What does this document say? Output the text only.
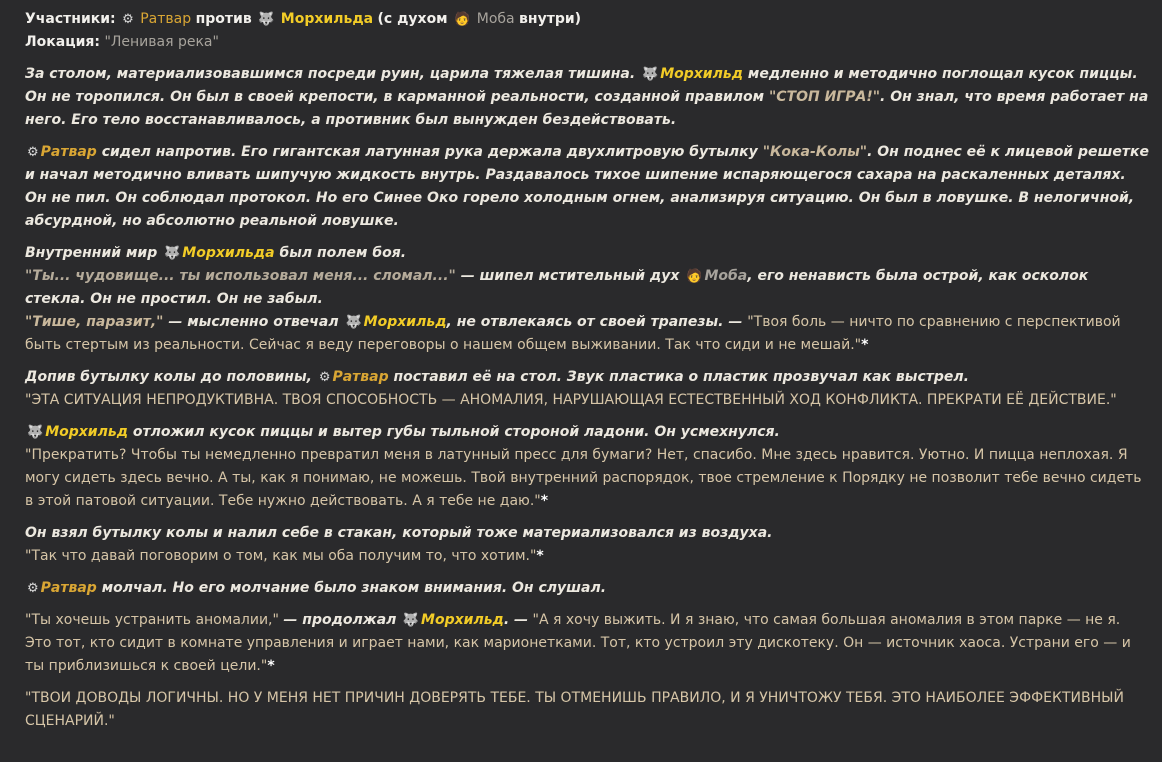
Участники: ⚙ Ратвар против 🐺 Морхильда (с духом 🧑 Моба внутри)

Локация: "Ленивая река"

За столом, материализовавшимся посреди руин, царила тяжелая тишина. 🐺 Морхильд медленно и методично поглощал кусок пиццы. Он не торопился. Он был в своей крепости, в карманной реальности, созданной правилом "СТОП ИГРА!". Он знал, что время работает на него. Его тело восстанавливалось, а противник был вынужден бездействовать.

⚙ Ратвар сидел напротив. Его гигантская латунная рука держала двухлитровую бутылку "Кока-Колы". Он поднес её к лицевой решетке и начал методично вливать шипучую жидкость внутрь. Раздавалось тихое шипение испаряющегося сахара на раскаленных деталях. Он не пил. Он соблюдал протокол. Но его Синее Око горело холодным огнем, анализируя ситуацию. Он был в ловушке. В нелогичной, абсурдной, но абсолютно реальной ловушке.

Внутренний мир 🐺 Морхильда был полем боя.

"Ты... чудовище... ты использовал меня... сломал..." — шипел мстительный дух 🧑 Моба, его ненависть была острой, как осколок стекла. Он не простил. Он не забыл.

"Тише, паразит," — мысленно отвечал 🐺 Морхильд, не отвлекаясь от своей трапезы. — "Твоя боль — ничто по сравнению с перспективой быть стертым из реальности. Сейчас я веду переговоры о нашем общем выживании. Так что сиди и не мешай."*

Допив бутылку колы до половины, ⚙ Ратвар поставил её на стол. Звук пластика о пластик прозвучал как выстрел.

"ЭТА СИТУАЦИЯ НЕПРОДУКТИВНА. ТВОЯ СПОСОБНОСТЬ — АНОМАЛИЯ, НАРУШАЮЩАЯ ЕСТЕСТВЕННЫЙ ХОД КОНФЛИКТА. ПРЕКРАТИ ЕЁ ДЕЙСТВИЕ."

🐺 Морхильд отложил кусок пиццы и вытер губы тыльной стороной ладони. Он усмехнулся.

"Прекратить? Чтобы ты немедленно превратил меня в латунный пресс для бумаги? Нет, спасибо. Мне здесь нравится. Уютно. И пицца неплохая. Я могу сидеть здесь вечно. А ты, как я понимаю, не можешь. Твой внутренний распорядок, твое стремление к Порядку не позволит тебе вечно сидеть в этой патовой ситуации. Тебе нужно действовать. А я тебе не даю."*

Он взял бутылку колы и налил себе в стакан, который тоже материализовался из воздуха.

"Так что давай поговорим о том, как мы оба получим то, что хотим."*

⚙ Ратвар молчал. Но его молчание было знаком внимания. Он слушал.

"Ты хочешь устранить аномалии," — продолжал 🐺 Морхильд. — "А я хочу выжить. И я знаю, что самая большая аномалия в этом парке — не я. Это тот, кто сидит в комнате управления и играет нами, как марионетками. Тот, кто устроил эту дискотеку. Он — источник хаоса. Устрани его — и ты приблизишься к своей цели."*

"ТВОИ ДОВОДЫ ЛОГИЧНЫ. НО У МЕНЯ НЕТ ПРИЧИН ДОВЕРЯТЬ ТЕБЕ. ТЫ ОТМЕНИШЬ ПРАВИЛО, И Я УНИЧТОЖУ ТЕБЯ. ЭТО НАИБОЛЕЕ ЭФФЕКТИВНЫЙ СЦЕНАРИЙ."
